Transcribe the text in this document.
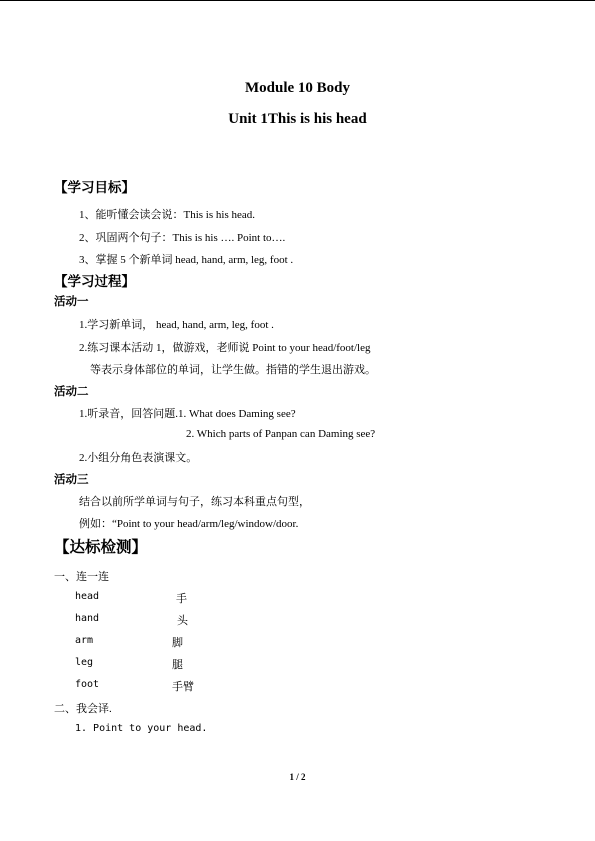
Module 10 Body
Unit 1This is his head
【学习目标】
1、能听懂会读会说：This is his head.
2、巩固两个句子：This is his …. Point to….
3、掌握 5 个新单词 head, hand, arm, leg, foot .
【学习过程】
活动一
1.学习新单词， head, hand, arm, leg, foot .
2.练习课本活动 1，做游戏，老师说 Point to your head/foot/leg
等表示身体部位的单词，让学生做。指错的学生退出游戏。
活动二
1.听录音，回答问题.1. What does Daming see?
2. Which parts of Panpan can Daming see?
2.小组分角色表演课文。
活动三
结合以前所学单词与句子，练习本科重点句型，
例如：“Point to your head/arm/leg/window/door.
【达标检测】
一、连一连
head	手
hand	头
arm	脚
leg	腿
foot	手臂
二、我会译.
1. Point to your head.
1 / 2
